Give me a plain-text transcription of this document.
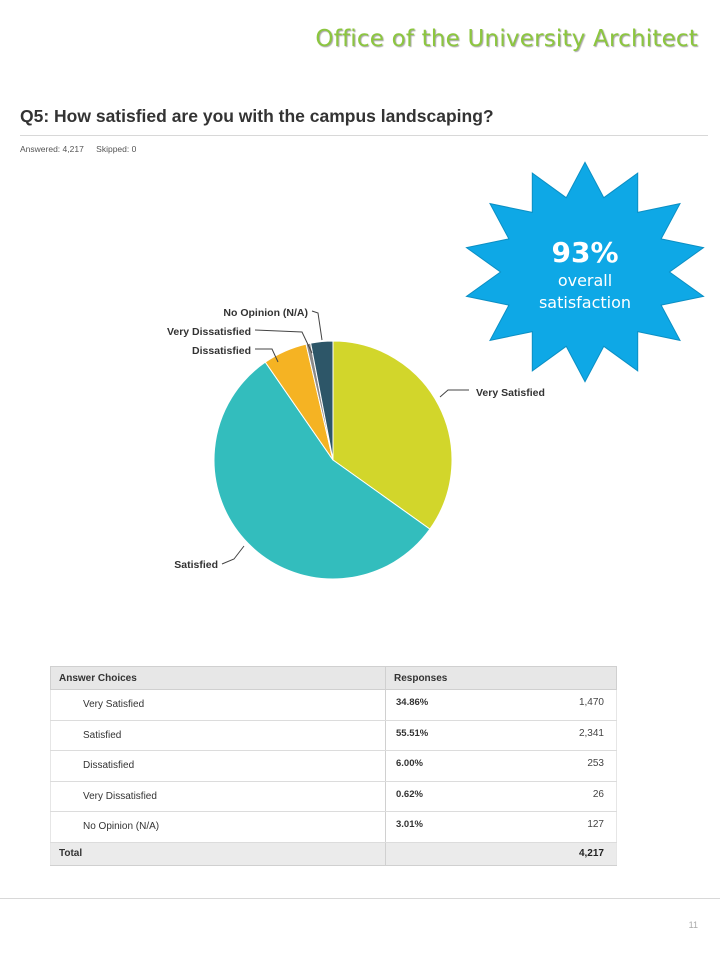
Office of the University Architect
Q5: How satisfied are you with the campus landscaping?
Answered: 4,217 Skipped: 0
Very Satisfied
Satisfied
Dissatisfied
Very Dissatisfied
No Opinion (N/A)
93%
overall
satisfaction
Answer Choices	Responses
Very Satisfied	34.86% 1,470

Satisfied	55.51% 2,341

Dissatisfied	6.00% 253

Very Dissatisfied	0.62% 26

No Opinion (N/A)	3.01% 127

Total	4,217
11
